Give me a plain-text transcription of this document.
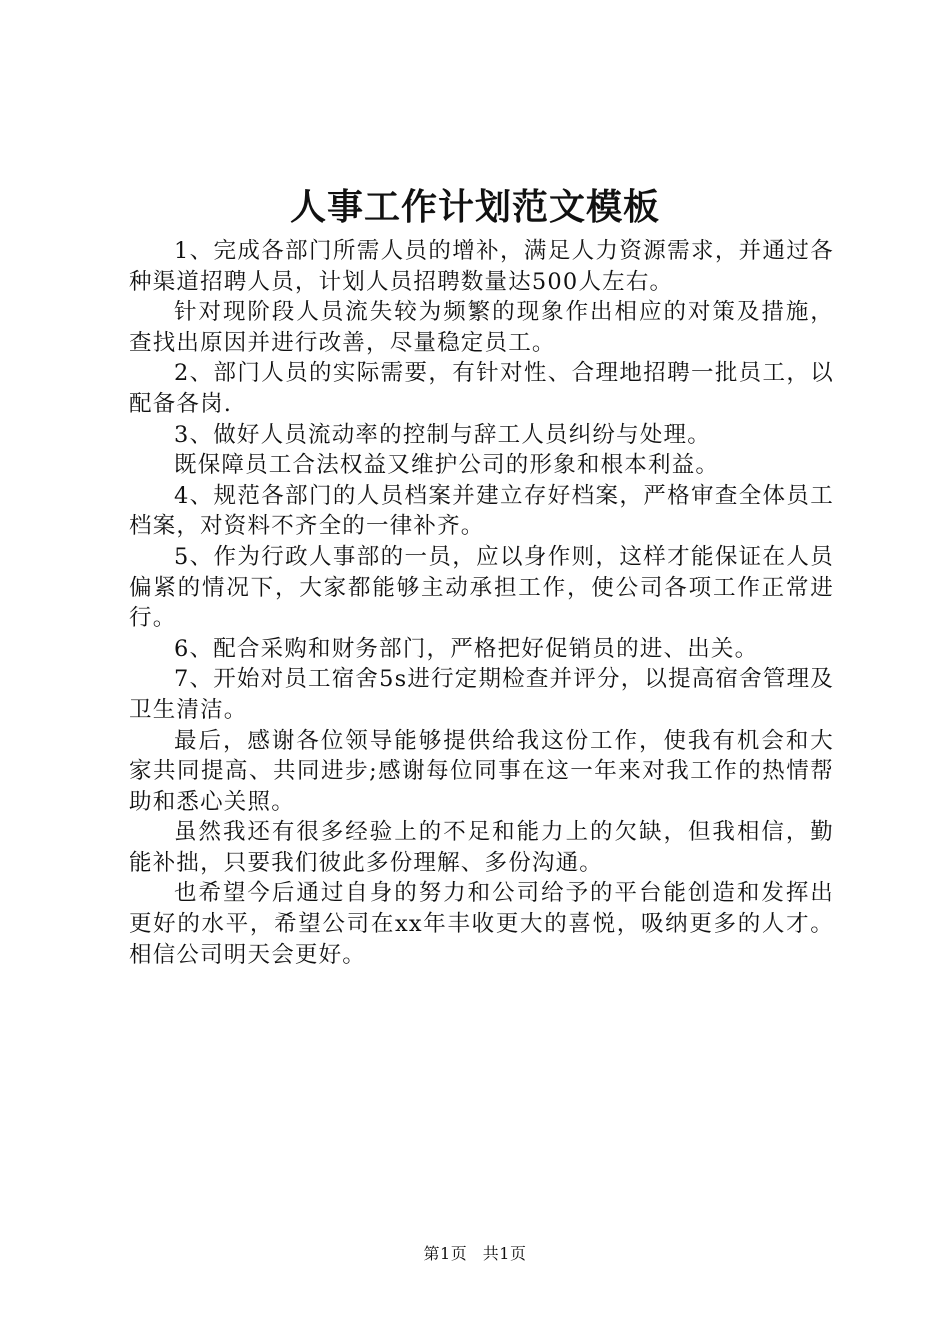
人事工作计划范文模板

1、完成各部门所需人员的增补，满足人力资源需求，并通过各种渠道招聘人员，计划人员招聘数量达500人左右。

针对现阶段人员流失较为频繁的现象作出相应的对策及措施，查找出原因并进行改善，尽量稳定员工。

2、部门人员的实际需要，有针对性、合理地招聘一批员工，以配备各岗.

3、做好人员流动率的控制与辞工人员纠纷与处理。

既保障员工合法权益又维护公司的形象和根本利益。

4、规范各部门的人员档案并建立存好档案，严格审查全体员工档案，对资料不齐全的一律补齐。

5、作为行政人事部的一员，应以身作则，这样才能保证在人员偏紧的情况下，大家都能够主动承担工作，使公司各项工作正常进行。

6、配合采购和财务部门，严格把好促销员的进、出关。

7、开始对员工宿舍5s进行定期检查并评分，以提高宿舍管理及卫生清洁。

最后，感谢各位领导能够提供给我这份工作，使我有机会和大家共同提高、共同进步;感谢每位同事在这一年来对我工作的热情帮助和悉心关照。

虽然我还有很多经验上的不足和能力上的欠缺，但我相信，勤能补拙，只要我们彼此多份理解、多份沟通。

也希望今后通过自身的努力和公司给予的平台能创造和发挥出更好的水平，希望公司在xx年丰收更大的喜悦，吸纳更多的人才。相信公司明天会更好。

第1页 共1页
